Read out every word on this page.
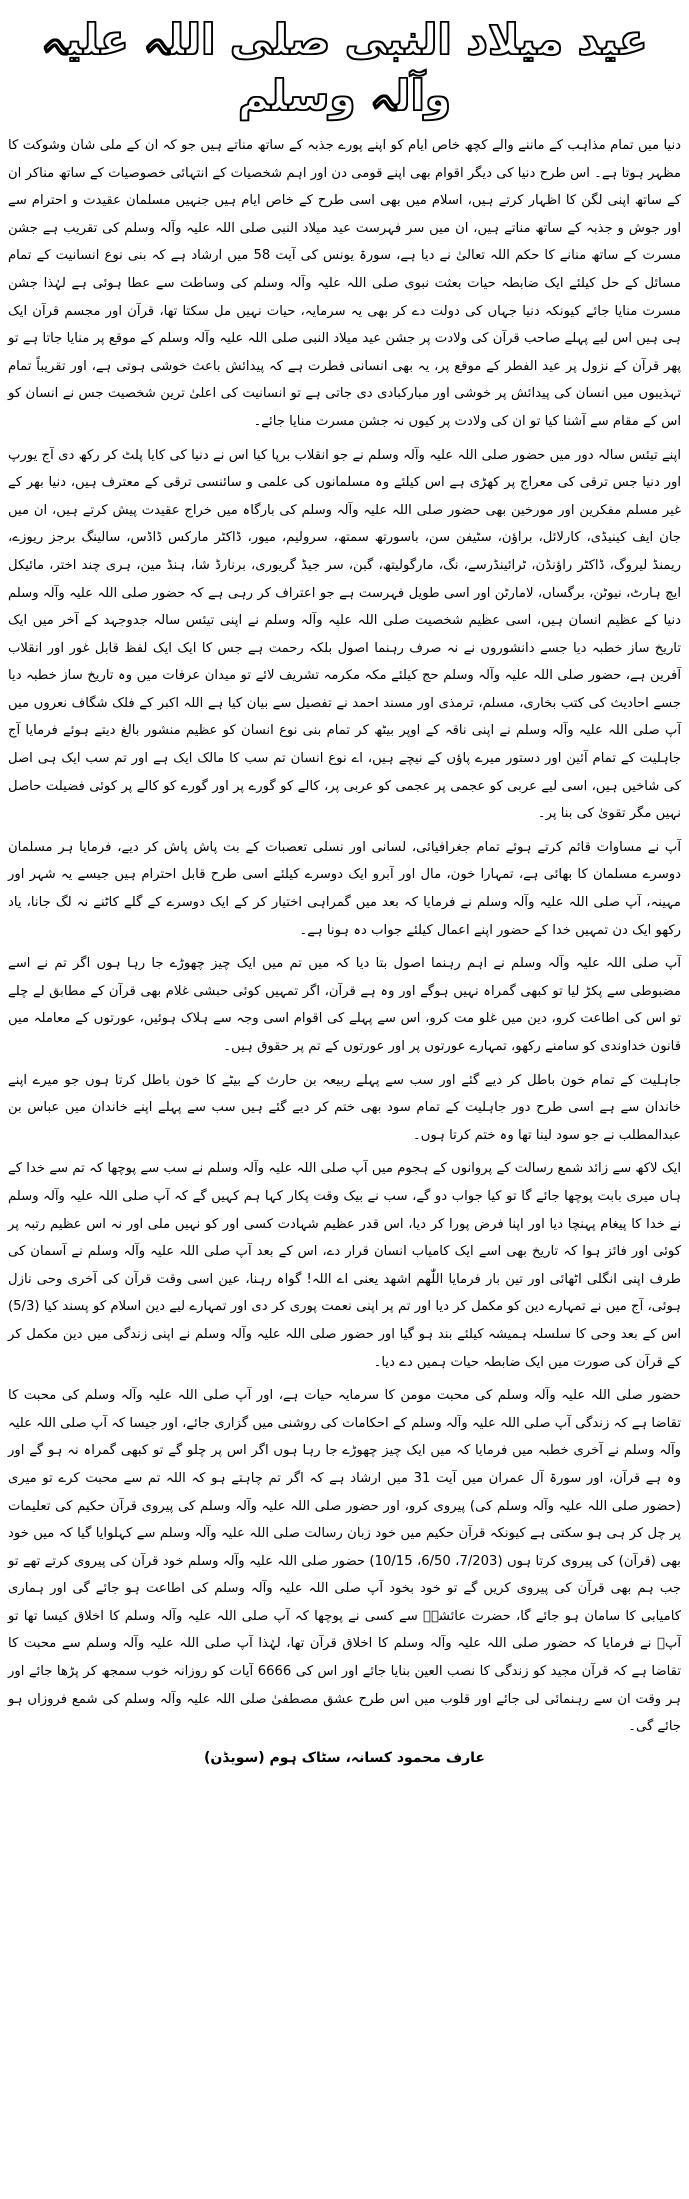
عید میلاد النبی صلی اللہ علیہ وآلہ وسلم

دنیا میں تمام مذاہب کے ماننے والے کچھ خاص ایام کو اپنے پورے جذبہ کے ساتھ مناتے ہیں جو کہ ان کے ملی شان وشوکت کا مظہر ہوتا ہے۔ اس طرح دنیا کی دیگر اقوام بھی اپنے قومی دن اور اہم شخصیات کے انتہائی خصوصیات کے ساتھ مناکر ان کے ساتھ اپنی لگن کا اظہار کرتے ہیں، اسلام میں بھی اسی طرح کے خاص ایام ہیں جنہیں مسلمان عقیدت و احترام سے اور جوش و جذبہ کے ساتھ مناتے ہیں، ان میں سر فہرست عید میلاد النبی صلی اللہ علیہ وآلہ وسلم کی تقریب ہے جشن مسرت کے ساتھ منانے کا حکم اللہ تعالیٰ نے دیا ہے، سورۃ یونس کی آیت 58 میں ارشاد ہے کہ بنی نوع انسانیت کے تمام مسائل کے حل کیلئے ایک ضابطہ حیات بعثت نبوی صلی اللہ علیہ وآلہ وسلم کی وساطت سے عطا ہوئی ہے لہٰذا جشن مسرت منایا جائے کیونکہ دنیا جہاں کی دولت دے کر بھی یہ سرمایہ، حیات نہیں مل سکتا تھا، قرآن اور مجسم قرآن ایک ہی ہیں اس لیے پہلے صاحب قرآن کی ولادت پر جشن عید میلاد النبی صلی اللہ علیہ وآلہ وسلم کے موقع پر منایا جاتا ہے تو پھر قرآن کے نزول پر عید الفطر کے موقع پر، یہ بھی انسانی فطرت ہے کہ پیدائش باعث خوشی ہوتی ہے، اور تقریباً تمام تہذیبوں میں انسان کی پیدائش پر خوشی اور مبارکبادی دی جاتی ہے تو انسانیت کی اعلیٰ ترین شخصیت جس نے انسان کو اس کے مقام سے آشنا کیا تو ان کی ولادت پر کیوں نہ جشن مسرت منایا جائے۔

اپنے تیئس سالہ دور میں حضور صلی اللہ علیہ وآلہ وسلم نے جو انقلاب برپا کیا اس نے دنیا کی کایا پلٹ کر رکھ دی آج یورپ اور دنیا جس ترقی کی معراج پر کھڑی ہے اس کیلئے وہ مسلمانوں کی علمی و سائنسی ترقی کے معترف ہیں، دنیا بھر کے غیر مسلم مفکرین اور مورخین بھی حضور صلی اللہ علیہ وآلہ وسلم کی بارگاہ میں خراج عقیدت پیش کرتے ہیں، ان میں جان ایف کینیڈی، کارلائل، براؤن، سٹیفن سن، باسورتھ سمتھ، سرولیم، میور، ڈاکٹر مارکس ڈاڈس، سالینگ برجز ریوزے، ریمنڈ لیروگ، ڈاکٹر راؤنڈن، ٹرائینڈرسے، نگ، مارگولیتھ، گبن، سر جیڈ گریوری، برنارڈ شا، ہنڈ مین، ہری چند اختر، مائیکل ایچ ہارٹ، نیوٹن، برگساں، لامارٹن اور اسی طویل فہرست ہے جو اعتراف کر رہی ہے کہ حضور صلی اللہ علیہ وآلہ وسلم دنیا کے عظیم انسان ہیں، اسی عظیم شخصیت صلی اللہ علیہ وآلہ وسلم نے اپنی تیئس سالہ جدوجہد کے آخر میں ایک تاریخ ساز خطبہ دیا جسے دانشوروں نے نہ صرف رہنما اصول بلکہ رحمت ہے جس کا ایک ایک لفظ قابل غور اور انقلاب آفرین ہے، حضور صلی اللہ علیہ وآلہ وسلم حج کیلئے مکہ مکرمہ تشریف لائے تو میدان عرفات میں وہ تاریخ ساز خطبہ دیا جسے احادیث کی کتب بخاری، مسلم، ترمذی اور مسند احمد نے تفصیل سے بیان کیا ہے اللہ اکبر کے فلک شگاف نعروں میں آپ صلی اللہ علیہ وآلہ وسلم نے اپنی ناقہ کے اوپر بیٹھ کر تمام بنی نوع انسان کو عظیم منشور بالغ دیتے ہوئے فرمایا آج جاہلیت کے تمام آئین اور دستور میرے پاؤں کے نیچے ہیں، اے نوع انسان تم سب کا مالک ایک ہے اور تم سب ایک ہی اصل کی شاخیں ہیں، اسی لیے عربی کو عجمی پر عجمی کو عربی پر، کالے کو گورے پر اور گورے کو کالے پر کوئی فضیلت حاصل نہیں مگر تقویٰ کی بنا پر۔

آپ نے مساوات قائم کرتے ہوئے تمام جغرافیائی، لسانی اور نسلی تعصبات کے بت پاش پاش کر دیے، فرمایا ہر مسلمان دوسرے مسلمان کا بھائی ہے، تمہارا خون، مال اور آبرو ایک دوسرے کیلئے اسی طرح قابل احترام ہیں جیسے یہ شہر اور مہینہ، آپ صلی اللہ علیہ وآلہ وسلم نے فرمایا کہ بعد میں گمراہی اختیار کر کے ایک دوسرے کے گلے کاٹنے نہ لگ جانا، یاد رکھو ایک دن تمہیں خدا کے حضور اپنے اعمال کیلئے جواب دہ ہونا ہے۔

آپ صلی اللہ علیہ وآلہ وسلم نے اہم رہنما اصول بتا دیا کہ میں تم میں ایک چیز چھوڑے جا رہا ہوں اگر تم نے اسے مضبوطی سے پکڑ لیا تو کبھی گمراہ نہیں ہوگے اور وہ ہے قرآن، اگر تمہیں کوئی حبشی غلام بھی قرآن کے مطابق لے چلے تو اس کی اطاعت کرو، دین میں غلو مت کرو، اس سے پہلے کی اقوام اسی وجہ سے ہلاک ہوئیں، عورتوں کے معاملہ میں قانون خداوندی کو سامنے رکھو، تمہارے عورتوں پر اور عورتوں کے تم پر حقوق ہیں۔

جاہلیت کے تمام خون باطل کر دیے گئے اور سب سے پہلے ربیعہ بن حارث کے بیٹے کا خون باطل کرتا ہوں جو میرے اپنے خاندان سے ہے اسی طرح دور جاہلیت کے تمام سود بھی ختم کر دیے گئے ہیں سب سے پہلے اپنے خاندان میں عباس بن عبدالمطلب نے جو سود لینا تھا وہ ختم کرتا ہوں۔

ایک لاکھ سے زائد شمع رسالت کے پروانوں کے ہجوم میں آپ صلی اللہ علیہ وآلہ وسلم نے سب سے پوچھا کہ تم سے خدا کے ہاں میری بابت پوچھا جائے گا تو کیا جواب دو گے، سب نے بیک وقت پکار کہا ہم کہیں گے کہ آپ صلی اللہ علیہ وآلہ وسلم نے خدا کا پیغام پہنچا دیا اور اپنا فرض پورا کر دیا، اس قدر عظیم شہادت کسی اور کو نہیں ملی اور نہ اس عظیم رتبہ پر کوئی اور فائز ہوا کہ تاریخ بھی اسے ایک کامیاب انسان قرار دے، اس کے بعد آپ صلی اللہ علیہ وآلہ وسلم نے آسمان کی طرف اپنی انگلی اٹھائی اور تین بار فرمایا اللّٰھم اشھد یعنی اے اللہ! گواہ رہنا، عین اسی وقت قرآن کی آخری وحی نازل ہوئی، آج میں نے تمہارے دین کو مکمل کر دیا اور تم پر اپنی نعمت پوری کر دی اور تمہارے لیے دین اسلام کو پسند کیا (5/3) اس کے بعد وحی کا سلسلہ ہمیشہ کیلئے بند ہو گیا اور حضور صلی اللہ علیہ وآلہ وسلم نے اپنی زندگی میں دین مکمل کر کے قرآن کی صورت میں ایک ضابطہ حیات ہمیں دے دیا۔

حضور صلی اللہ علیہ وآلہ وسلم کی محبت مومن کا سرمایہ حیات ہے، اور آپ صلی اللہ علیہ وآلہ وسلم کی محبت کا تقاضا ہے کہ زندگی آپ صلی اللہ علیہ وآلہ وسلم کے احکامات کی روشنی میں گزاری جائے، اور جیسا کہ آپ صلی اللہ علیہ وآلہ وسلم نے آخری خطبہ میں فرمایا کہ میں ایک چیز چھوڑے جا رہا ہوں اگر اس پر چلو گے تو کبھی گمراہ نہ ہو گے اور وہ ہے قرآن، اور سورۃ آل عمران میں آیت 31 میں ارشاد ہے کہ اگر تم چاہتے ہو کہ اللہ تم سے محبت کرے تو میری (حضور صلی اللہ علیہ وآلہ وسلم کی) پیروی کرو، اور حضور صلی اللہ علیہ وآلہ وسلم کی پیروی قرآن حکیم کی تعلیمات پر چل کر ہی ہو سکتی ہے کیونکہ قرآن حکیم میں خود زبان رسالت صلی اللہ علیہ وآلہ وسلم سے کہلوایا گیا کہ میں خود بھی (قرآن) کی پیروی کرتا ہوں (7/203، 6/50، 10/15) حضور صلی اللہ علیہ وآلہ وسلم خود قرآن کی پیروی کرتے تھے تو جب ہم بھی قرآن کی پیروی کریں گے تو خود بخود آپ صلی اللہ علیہ وآلہ وسلم کی اطاعت ہو جائے گی اور ہماری کامیابی کا سامان ہو جائے گا، حضرت عائشہؓ سے کسی نے پوچھا کہ آپ صلی اللہ علیہ وآلہ وسلم کا اخلاق کیسا تھا تو آپؓ نے فرمایا کہ حضور صلی اللہ علیہ وآلہ وسلم کا اخلاق قرآن تھا، لہٰذا آپ صلی اللہ علیہ وآلہ وسلم سے محبت کا تقاضا ہے کہ قرآن مجید کو زندگی کا نصب العین بنایا جائے اور اس کی 6666 آیات کو روزانہ خوب سمجھ کر پڑھا جائے اور ہر وقت ان سے رہنمائی لی جائے اور قلوب میں اس طرح عشق مصطفیٰ صلی اللہ علیہ وآلہ وسلم کی شمع فروزاں ہو جائے گی۔

عارف محمود کسانہ، سٹاک ہوم (سویڈن)
